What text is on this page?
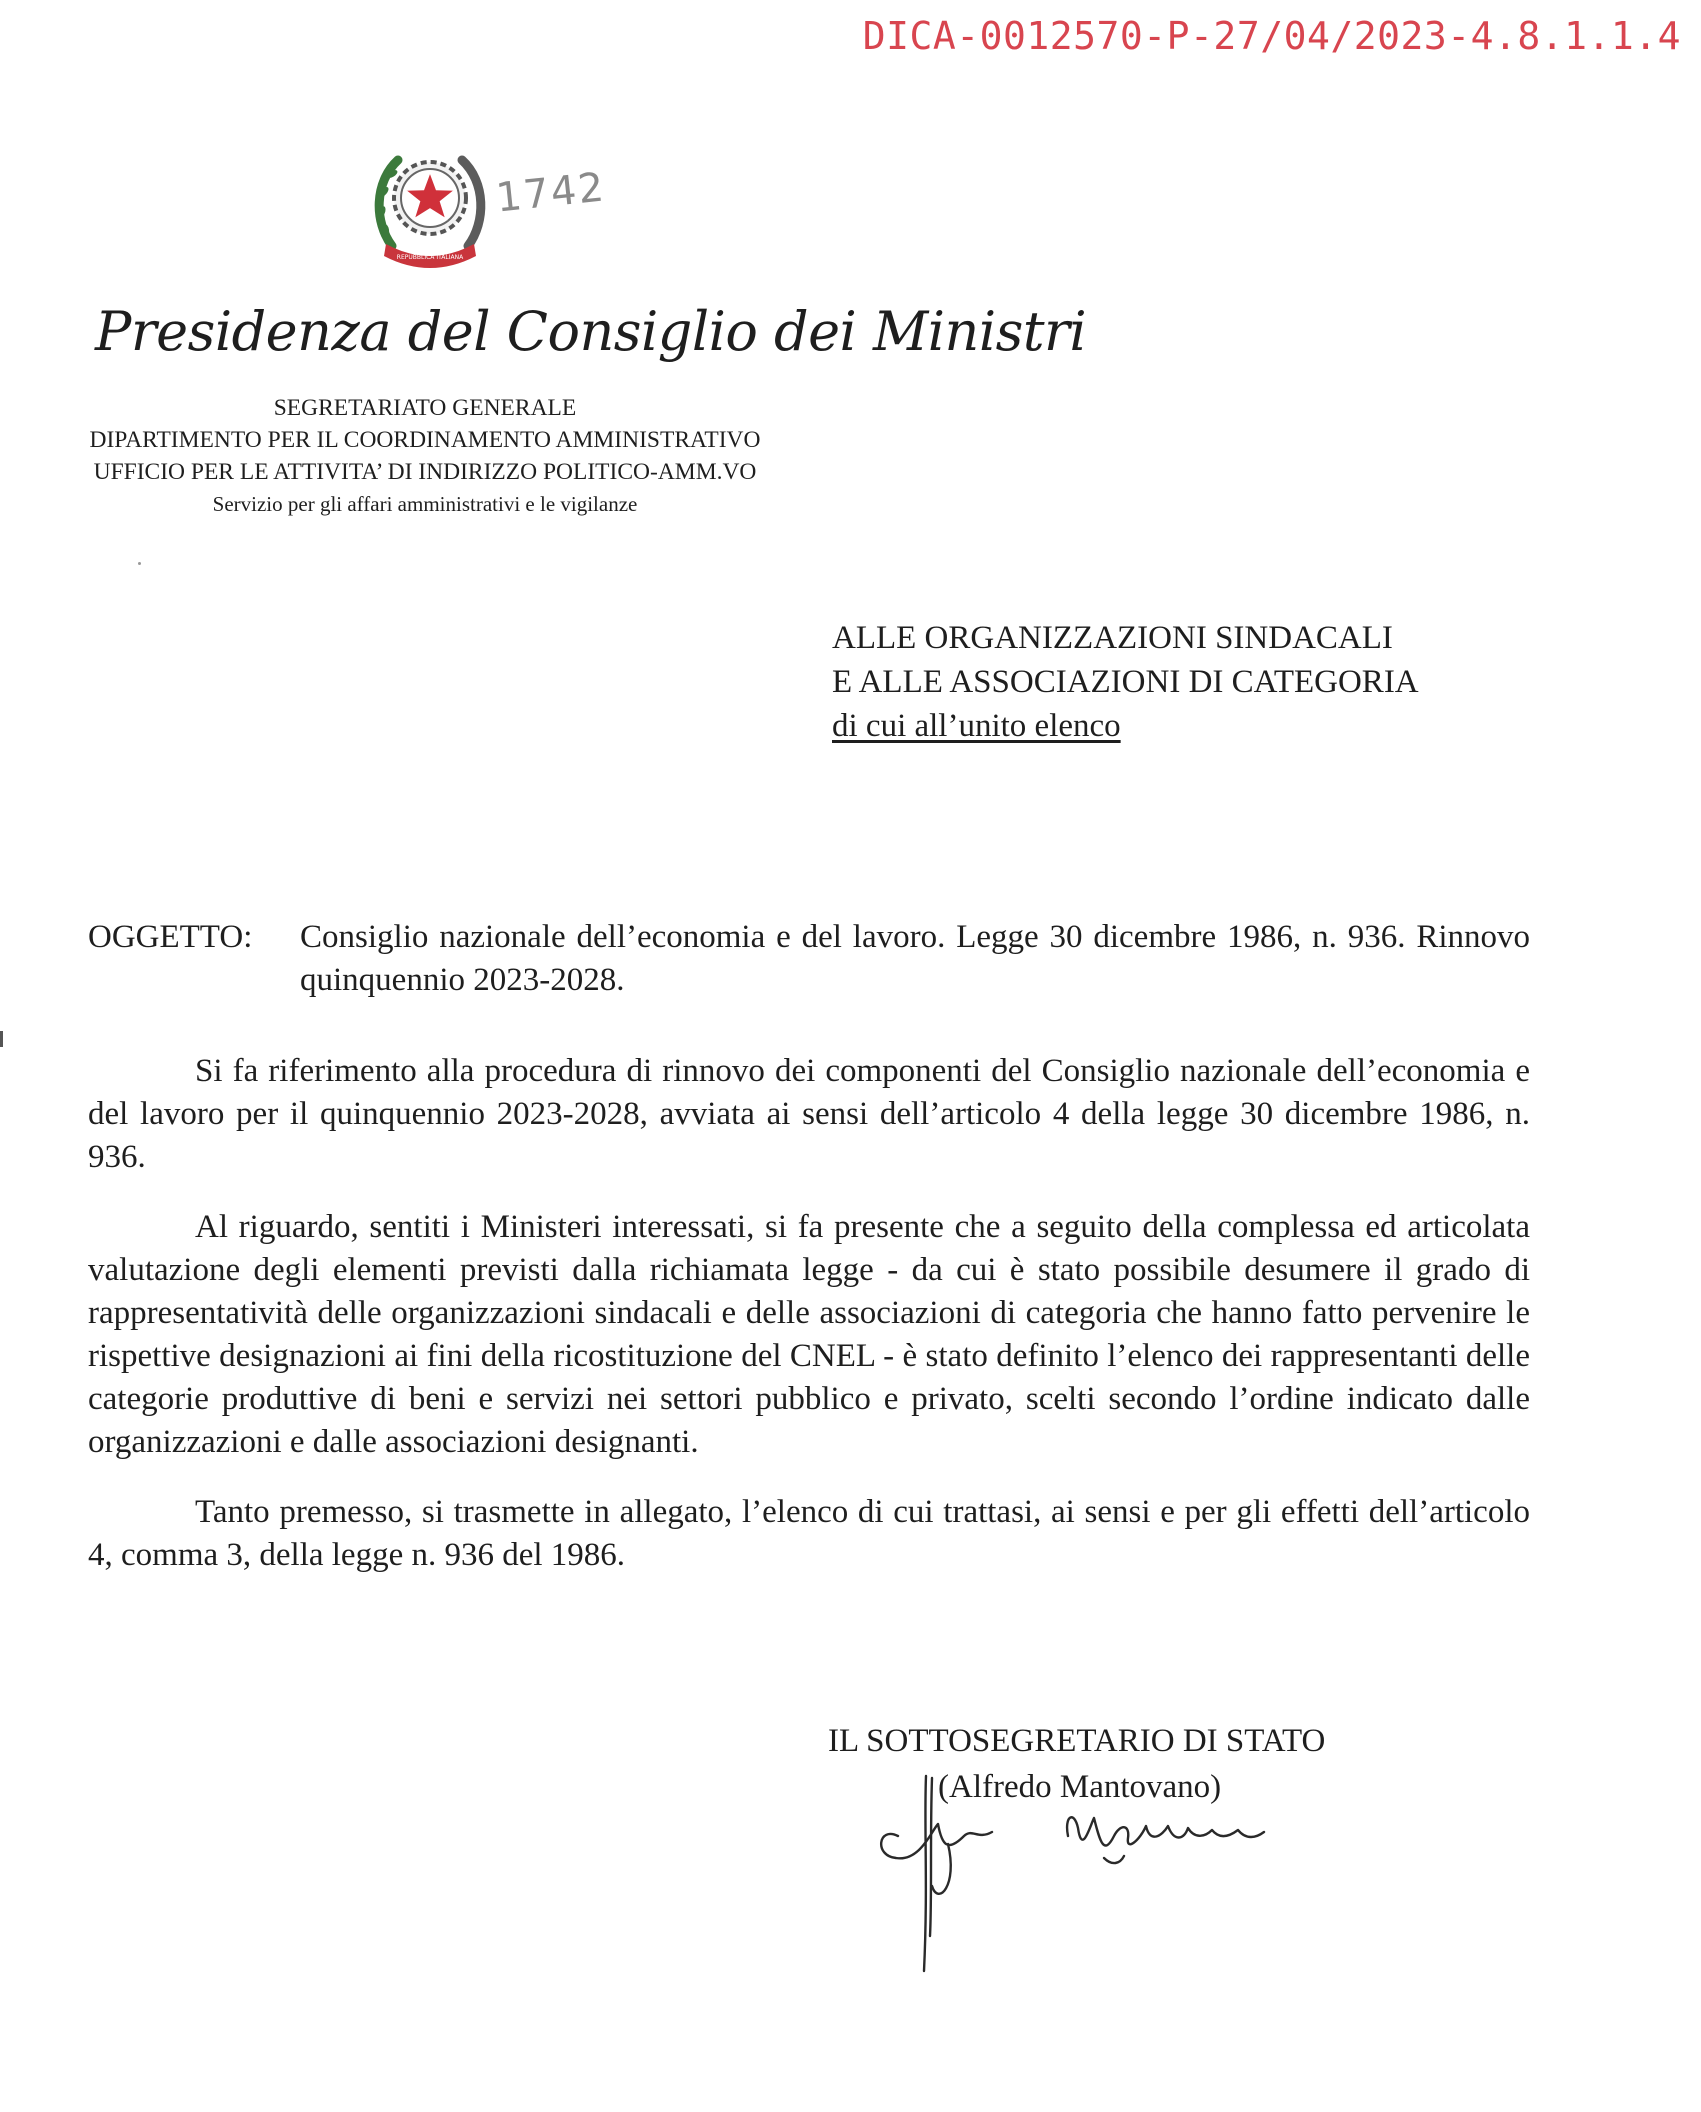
DICA-0012570-P-27/04/2023-4.8.1.1.4
REPUBBLICA ITALIANA
1742
Presidenza del Consiglio dei Ministri
SEGRETARIATO GENERALE
DIPARTIMENTO PER IL COORDINAMENTO AMMINISTRATIVO
UFFICIO PER LE ATTIVITA’ DI INDIRIZZO POLITICO-AMM.VO
Servizio per gli affari amministrativi e le vigilanze
ALLE ORGANIZZAZIONI SINDACALI
E ALLE ASSOCIAZIONI DI CATEGORIA
di cui all’unito elenco
OGGETTO: Consiglio nazionale dell’economia e del lavoro. Legge 30 dicembre 1986, n. 936. Rinnovo quinquennio 2023-2028.

Si fa riferimento alla procedura di rinnovo dei componenti del Consiglio nazionale dell’economia e del lavoro per il quinquennio 2023-2028, avviata ai sensi dell’articolo 4 della legge 30 dicembre 1986, n. 936.

Al riguardo, sentiti i Ministeri interessati, si fa presente che a seguito della complessa ed articolata valutazione degli elementi previsti dalla richiamata legge - da cui è stato possibile desumere il grado di rappresentatività delle organizzazioni sindacali e delle associazioni di categoria che hanno fatto pervenire le rispettive designazioni ai fini della ricostituzione del CNEL - è stato definito l’elenco dei rappresentanti delle categorie produttive di beni e servizi nei settori pubblico e privato, scelti secondo l’ordine indicato dalle organizzazioni e dalle associazioni designanti.

Tanto premesso, si trasmette in allegato, l’elenco di cui trattasi, ai sensi e per gli effetti dell’articolo 4, comma 3, della legge n. 936 del 1986.

IL SOTTOSEGRETARIO DI STATO
(Alfredo Mantovano)
